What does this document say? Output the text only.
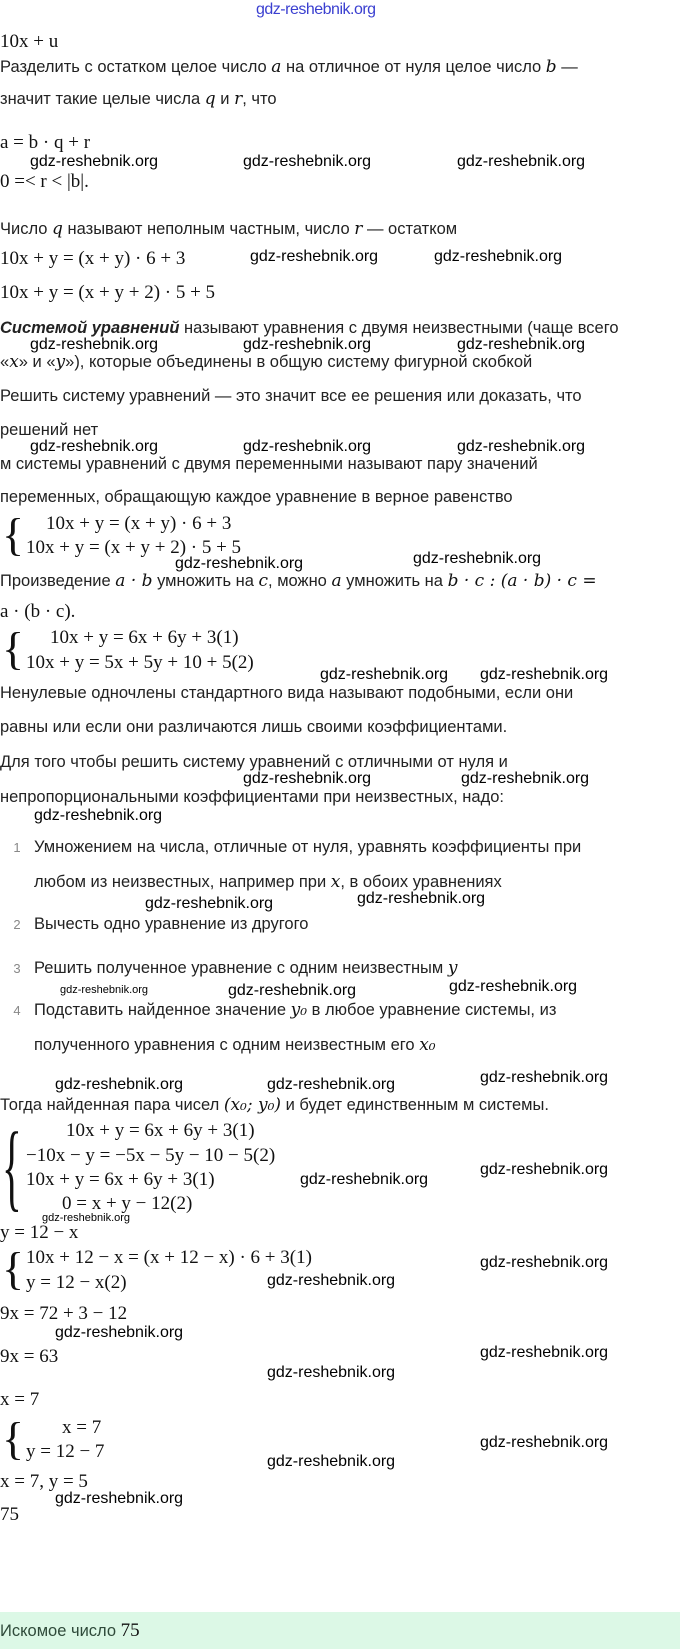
gdz-reshebnik.org
10x + u
Разделить с остатком целое число a на отличное от нуля целое число b —
значит такие целые числа q и r, что
a = b · q + r
0 =< r < |b|.
Число q называют неполным частным, число r — остатком
10x + y = (x + y) · 6 + 3
10x + y = (x + y + 2) · 5 + 5
Системой уравнений называют уравнения с двумя неизвестными (чаще всего
«x» и «y»), которые объединены в общую систему фигурной скобкой
Решить систему уравнений — это значит все ее решения или доказать, что
решений нет
м системы уравнений с двумя переменными называют пару значений
переменных, обращающую каждое уравнение в верное равенство
{ 10x + y = (x + y) · 6 + 3
10x + y = (x + y + 2) · 5 + 5
Произведение a · b умножить на c, можно a умножить на b · c : (a · b) · c =
a · (b · c).
{ 10x + y = 6x + 6y + 3(1)
10x + y = 5x + 5y + 10 + 5(2)
Ненулевые одночлены стандартного вида называют подобными, если они
равны или если они различаются лишь своими коэффициентами.
Для того чтобы решить систему уравнений с отличными от нуля и
непропорциональными коэффициентами при неизвестных, надо:
1 Умножением на числа, отличные от нуля, уравнять коэффициенты при
любом из неизвестных, например при x, в обоих уравнениях
2 Вычесть одно уравнение из другого
3 Решить полученное уравнение с одним неизвестным y
4 Подставить найденное значение y₀ в любое уравнение системы, из
полученного уравнения с одним неизвестным его x₀
Тогда найденная пара чисел (x₀; y₀) и будет единственным м системы.
{ 10x + y = 6x + 6y + 3(1)
−10x − y = −5x − 5y − 10 − 5(2)
10x + y = 6x + 6y + 3(1)
0 = x + y − 12(2)
y = 12 − x
{ 10x + 12 − x = (x + 12 − x) · 6 + 3(1)
y = 12 − x(2)
9x = 72 + 3 − 12
9x = 63
x = 7
{ x = 7
y = 12 − 7
x = 7, y = 5
75
Искомое число 75
gdz-reshebnik.org	gdz-reshebnik.org	gdz-reshebnik.org
gdz-reshebnik.org	gdz-reshebnik.org
gdz-reshebnik.org	gdz-reshebnik.org	gdz-reshebnik.org
gdz-reshebnik.org	gdz-reshebnik.org	gdz-reshebnik.org
gdz-reshebnik.org	gdz-reshebnik.org
gdz-reshebnik.org gdz-reshebnik.org
gdz-reshebnik.org	gdz-reshebnik.org
gdz-reshebnik.org
gdz-reshebnik.org
gdz-reshebnik.org
gdz-reshebnik.org	gdz-reshebnik.org	gdz-reshebnik.org
gdz-reshebnik.org	gdz-reshebnik.org	gdz-reshebnik.org
gdz-reshebnik.org
gdz-reshebnik.org
gdz-reshebnik.org
gdz-reshebnik.org
gdz-reshebnik.org
gdz-reshebnik.org
gdz-reshebnik.org
gdz-reshebnik.org
gdz-reshebnik.org
gdz-reshebnik.org
gdz-reshebnik.org
